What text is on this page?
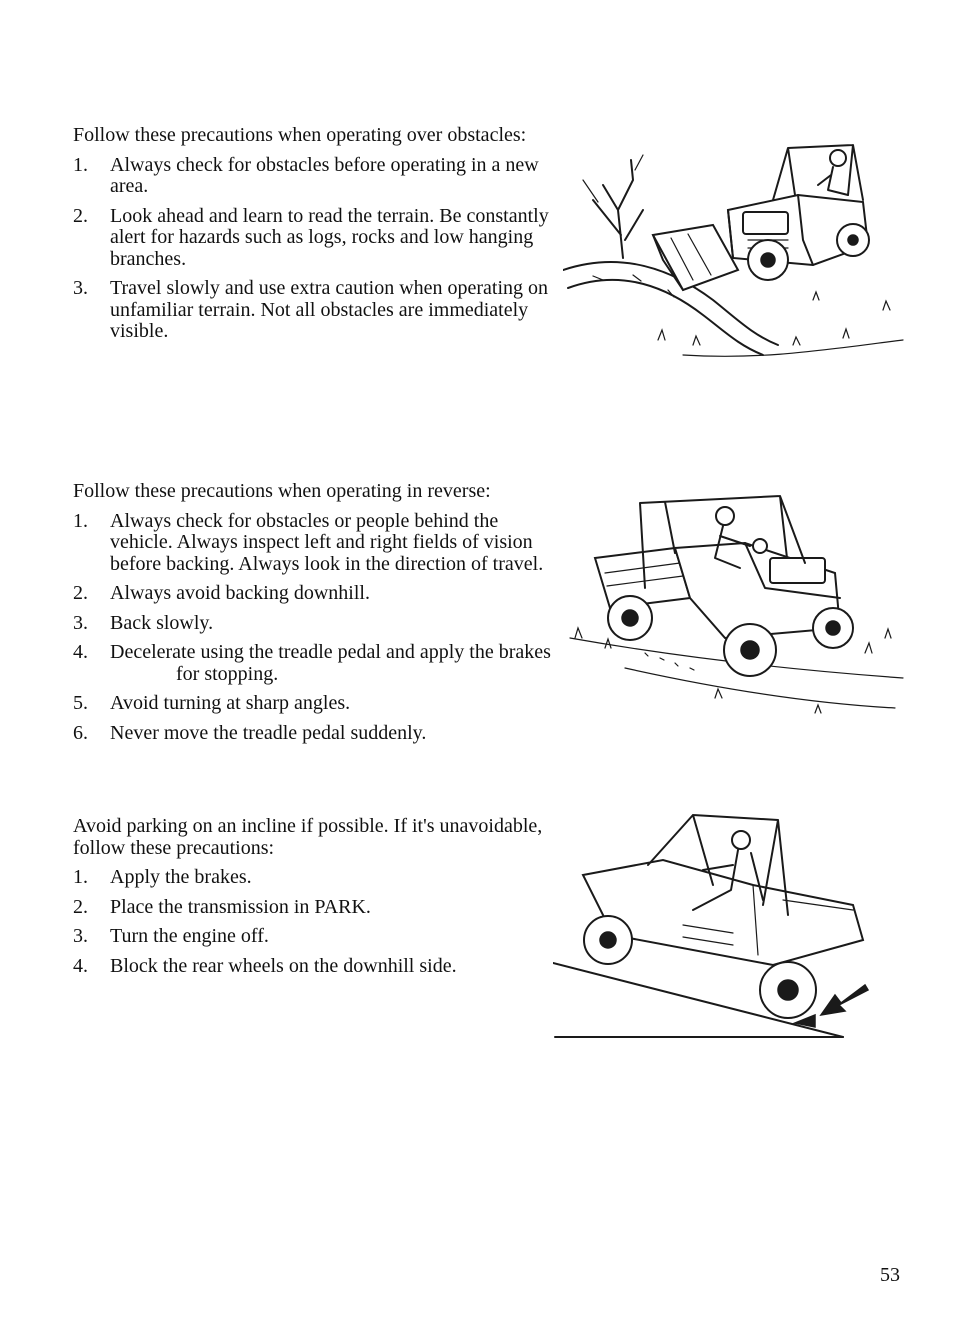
Follow these precautions when operating over obstacles:

1. Always check for obstacles before operating in a new area.
2. Look ahead and learn to read the terrain. Be constantly alert for hazards such as logs, rocks and low hanging branches.
3. Travel slowly and use extra caution when operating on unfamiliar terrain. Not all obstacles are immediately visible.

Follow these precautions when operating in reverse:

1. Always check for obstacles or people behind the vehicle. Always inspect left and right fields of vision before backing. Always look in the direction of travel.
2. Always avoid backing downhill.
3. Back slowly.
4. Decelerate using the treadle pedal and apply the brakesfor stopping.
5. Avoid turning at sharp angles.
6. Never move the treadle pedal suddenly.

Avoid parking on an incline if possible. If it's unavoidable, follow these precautions:

1. Apply the brakes.
2. Place the transmission in PARK.
3. Turn the engine off.
4. Block the rear wheels on the downhill side.
53
